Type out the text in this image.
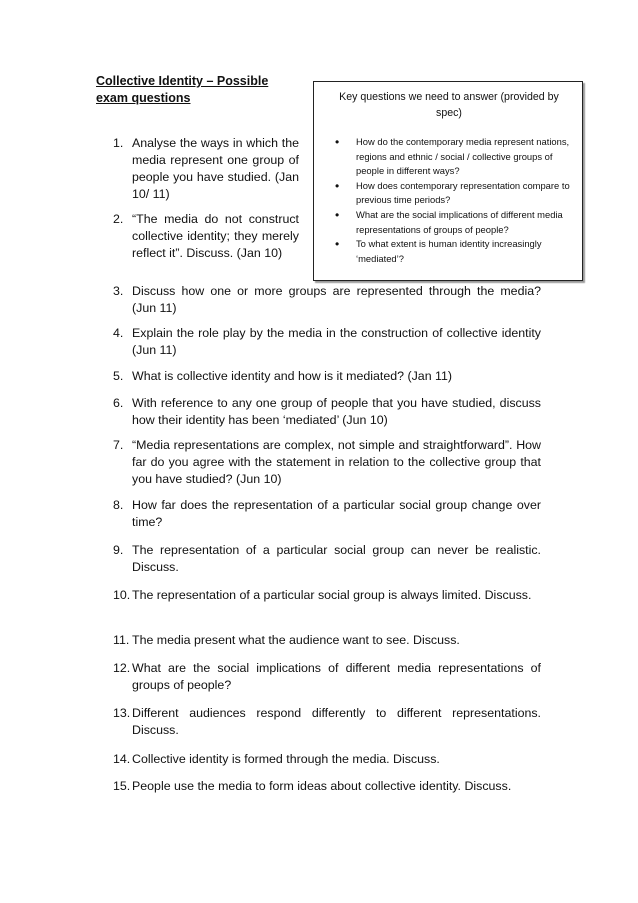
Collective Identity – Possible
exam questions	Key questions we need to answer (provided by spec)
• How do the contemporary media represent nations, regions and ethnic / social / collective groups of people in different ways?
• How does contemporary representation compare to previous time periods?
• What are the social implications of different media representations of groups of people?
• To what extent is human identity increasingly ‘mediated’?
1. Analyse the ways in which the media represent one group of people you have studied. (Jan 10/ 11)
2. “The media do not construct collective identity; they merely reflect it”. Discuss. (Jan 10)
3. Discuss how one or more groups are represented through the media? (Jun 11)
4. Explain the role play by the media in the construction of collective identity (Jun 11)
5. What is collective identity and how is it mediated? (Jan 11)
6. With reference to any one group of people that you have studied, discuss how their identity has been ‘mediated’ (Jun 10)
7. “Media representations are complex, not simple and straightforward”. How far do you agree with the statement in relation to the collective group that you have studied? (Jun 10)
8. How far does the representation of a particular social group change over time?
9. The representation of a particular social group can never be realistic. Discuss.
10. The representation of a particular social group is always limited. Discuss.
11. The media present what the audience want to see. Discuss.
12. What are the social implications of different media representations of groups of people?
13. Different audiences respond differently to different representations. Discuss.
14. Collective identity is formed through the media. Discuss.
15. People use the media to form ideas about collective identity. Discuss.
